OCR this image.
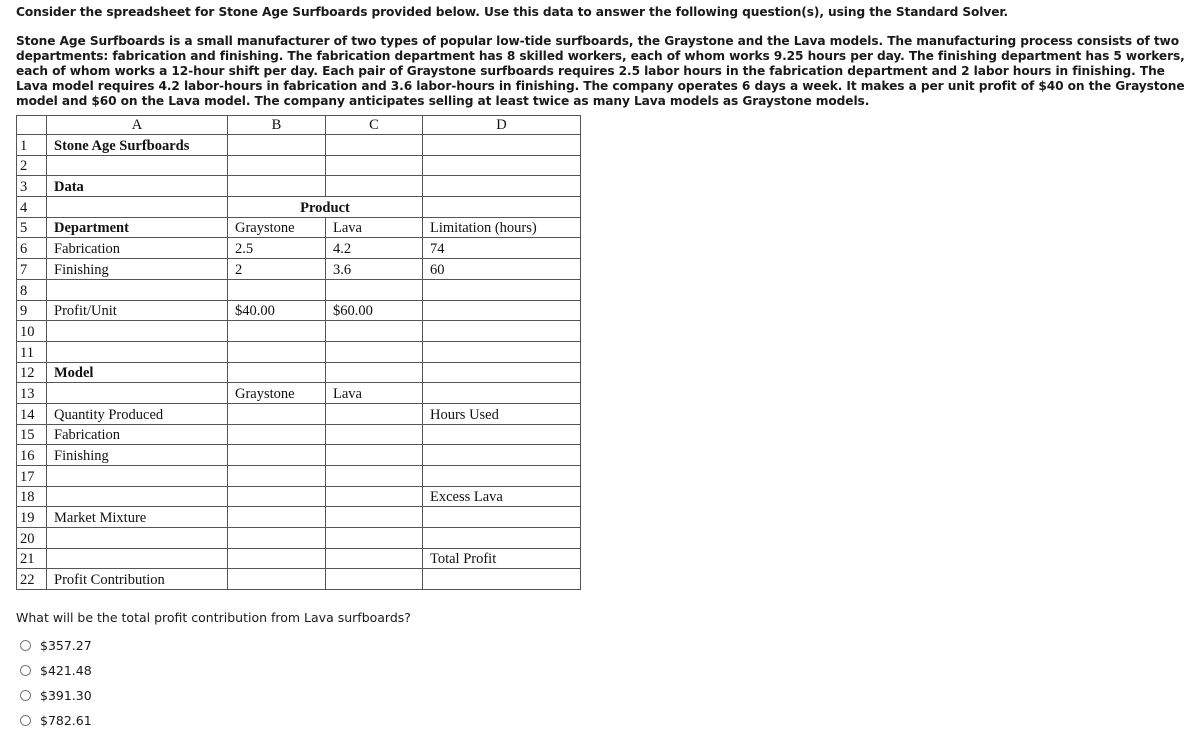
Consider the spreadsheet for Stone Age Surfboards provided below. Use this data to answer the following question(s), using the Standard Solver.

Stone Age Surfboards is a small manufacturer of two types of popular low-tide surfboards, the Graystone and the Lava models. The manufacturing process consists of two departments: fabrication and finishing. The fabrication department has 8 skilled workers, each of whom works 9.25 hours per day. The finishing department has 5 workers, each of whom works a 12-hour shift per day. Each pair of Graystone surfboards requires 2.5 labor hours in the fabrication department and 2 labor hours in finishing. The Lava model requires 4.2 labor-hours in fabrication and 3.6 labor-hours in finishing. The company operates 6 days a week. It makes a per unit profit of $40 on the Graystone model and $60 on the Lava model. The company anticipates selling at least twice as many Lava models as Graystone models.

	A	B	C	D
1	Stone Age Surfboards			
2				
3	Data			
4		Product		
5	Department	Graystone	Lava	Limitation (hours)
6	Fabrication	2.5	4.2	74
7	Finishing	2	3.6	60
8				
9	Profit/Unit	$40.00	$60.00	
10				
11				
12	Model			
13		Graystone	Lava	
14	Quantity Produced			Hours Used
15	Fabrication			
16	Finishing			
17				
18				Excess Lava
19	Market Mixture			
20				
21				Total Profit
22	Profit Contribution			
What will be the total profit contribution from Lava surfboards?
$357.27
$421.48
$391.30
$782.61
